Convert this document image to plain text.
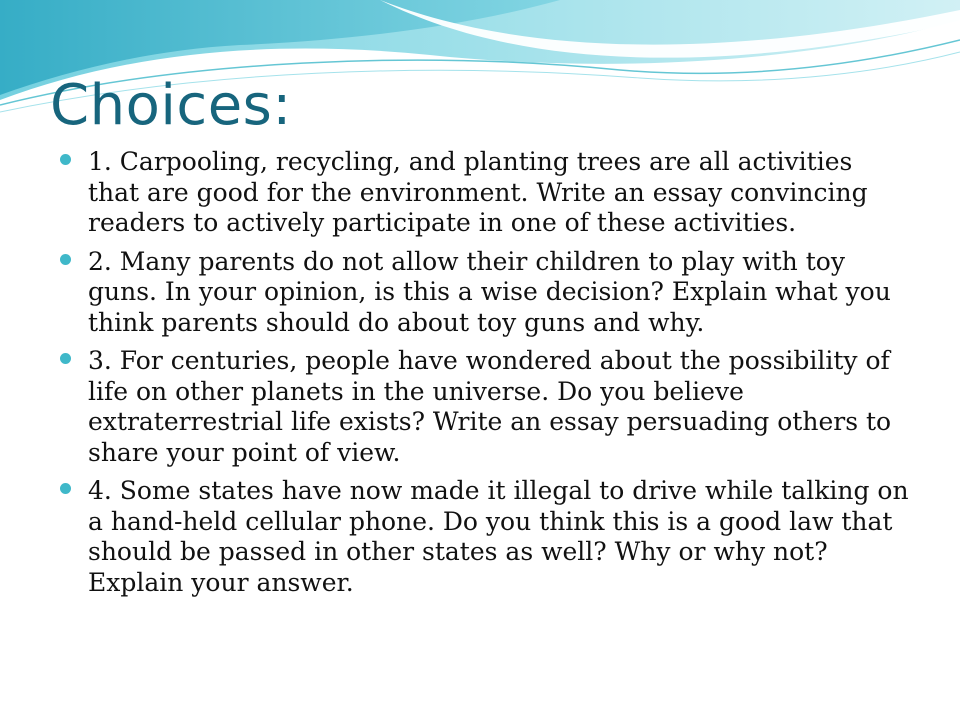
Choices:
1. Carpooling, recycling, and planting trees are all activities that are good for the environment. Write an essay convincing readers to actively participate in one of these activities.
2. Many parents do not allow their children to play with toy guns. In your opinion, is this a wise decision? Explain what you think parents should do about toy guns and why.
3. For centuries, people have wondered about the possibility of life on other planets in the universe. Do you believe extraterrestrial life exists? Write an essay persuading others to share your point of view.
4. Some states have now made it illegal to drive while talking on a hand-held cellular phone. Do you think this is a good law that should be passed in other states as well? Why or why not? Explain your answer.
